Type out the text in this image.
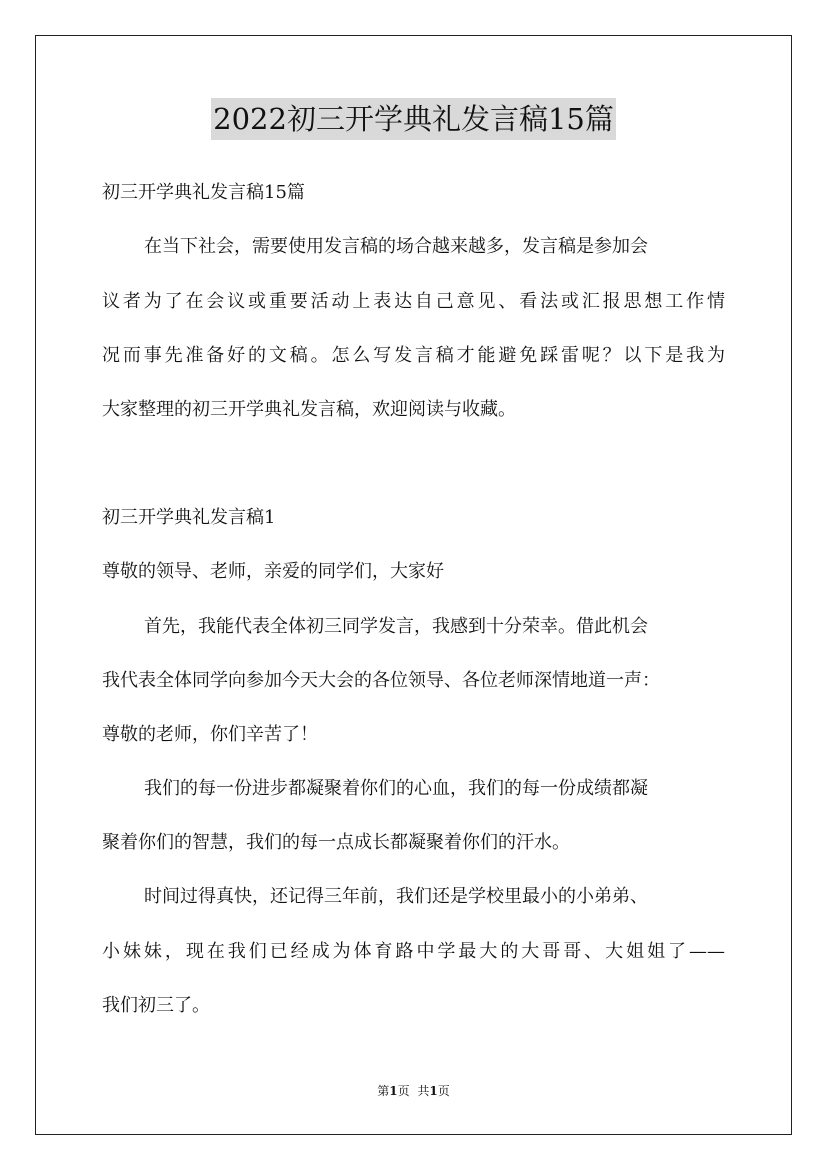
2022初三开学典礼发言稿15篇
初三开学典礼发言稿15篇
在当下社会，需要使用发言稿的场合越来越多，发言稿是参加会
议者为了在会议或重要活动上表达自己意见、看法或汇报思想工作情
况而事先准备好的文稿。怎么写发言稿才能避免踩雷呢？以下是我为
大家整理的初三开学典礼发言稿，欢迎阅读与收藏。
初三开学典礼发言稿1
尊敬的领导、老师，亲爱的同学们，大家好
首先，我能代表全体初三同学发言，我感到十分荣幸。借此机会
我代表全体同学向参加今天大会的各位领导、各位老师深情地道一声：
尊敬的老师，你们辛苦了！
我们的每一份进步都凝聚着你们的心血，我们的每一份成绩都凝
聚着你们的智慧，我们的每一点成长都凝聚着你们的汗水。
时间过得真快，还记得三年前，我们还是学校里最小的小弟弟、
小妹妹，现在我们已经成为体育路中学最大的大哥哥、大姐姐了——
我们初三了。
第1页 共1页
